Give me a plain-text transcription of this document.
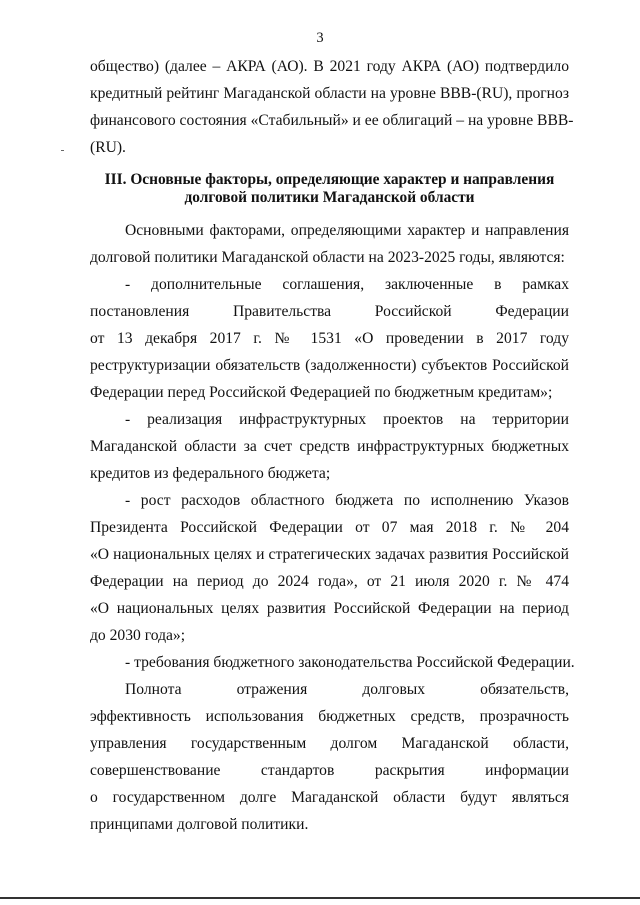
3
общество) (далее – АКРА (АО). В 2021 году АКРА (АО) подтвердило
кредитный рейтинг Магаданской области на уровне BBB-(RU), прогноз
финансового состояния «Стабильный» и ее облигаций – на уровне BBB-
(RU).
III. Основные факторы, определяющие характер и направления
долговой политики Магаданской области
Основными факторами, определяющими характер и направления
долговой политики Магаданской области на 2023-2025 годы, являются:
- дополнительные соглашения, заключенные в рамках
постановления Правительства Российской Федерации
от 13 декабря 2017 г. № 1531 «О проведении в 2017 году
реструктуризации обязательств (задолженности) субъектов Российской
Федерации перед Российской Федерацией по бюджетным кредитам»;
- реализация инфраструктурных проектов на территории
Магаданской области за счет средств инфраструктурных бюджетных
кредитов из федерального бюджета;
- рост расходов областного бюджета по исполнению Указов
Президента Российской Федерации от 07 мая 2018 г. № 204
«О национальных целях и стратегических задачах развития Российской
Федерации на период до 2024 года», от 21 июля 2020 г. № 474
«О национальных целях развития Российской Федерации на период
до 2030 года»;
- требования бюджетного законодательства Российской Федерации.
Полнота отражения долговых обязательств,
эффективность использования бюджетных средств, прозрачность
управления государственным долгом Магаданской области,
совершенствование стандартов раскрытия информации
о государственном долге Магаданской области будут являться
принципами долговой политики.
